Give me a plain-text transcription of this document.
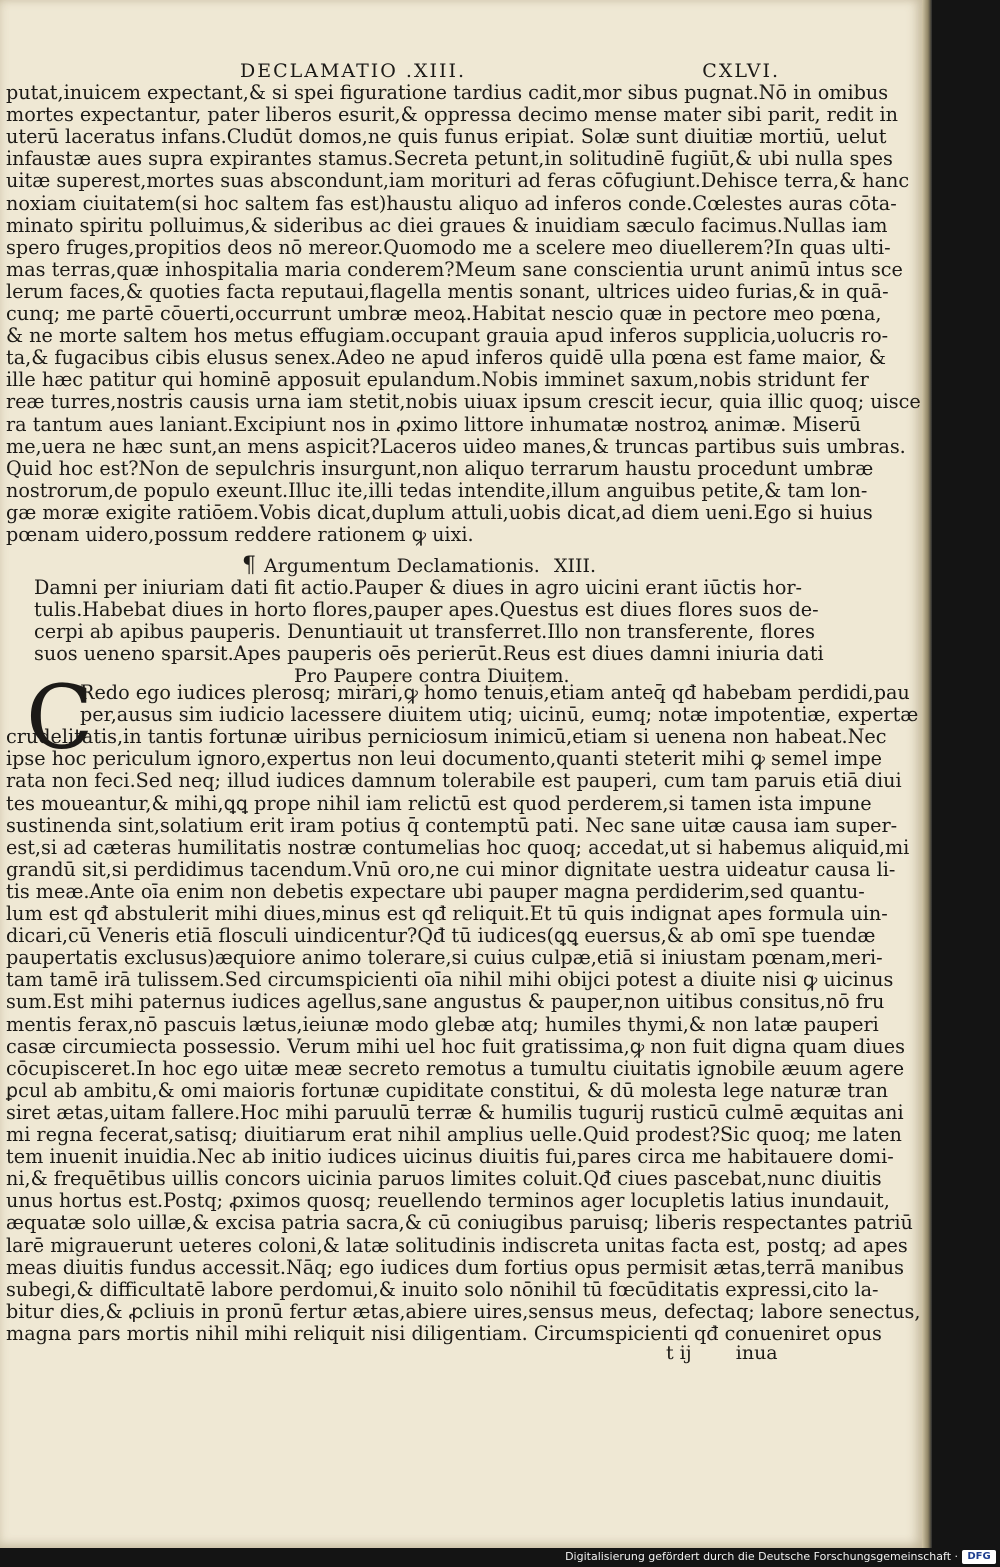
DECLAMATIO .XIII.	CXLVI.
putat,inuicem expectant,& si spei figuratione tardius cadit,mor sibus pugnat.Nō in omibus
mortes expectantur, pater liberos esurit,& oppressa decimo mense mater sibi parit, redit in
uterū laceratus infans.Cludūt domos,ne quis funus eripiat. Solæ sunt diuitiæ mortiū, uelut
infaustæ aues supra expirantes stamus.Secreta petunt,in solitudinē fugiūt,& ubi nulla spes
uitæ superest,mortes suas abscondunt,iam morituri ad feras cōfugiunt.Dehisce terra,& hanc
noxiam ciuitatem(si hoc saltem fas est)haustu aliquo ad inferos conde.Cœlestes auras cōta-
minato spiritu polluimus,& sideribus ac diei graues & inuidiam sæculo facimus.Nullas iam
spero fruges,propitios deos nō mereor.Quomodo me a scelere meo diuellerem?In quas ulti-
mas terras,quæ inhospitalia maria conderem?Meum sane conscientia urunt animū intus sce
lerum faces,& quoties facta reputaui,flagella mentis sonant, ultrices uideo furias,& in quā-
cunq; me partē cōuerti,occurrunt umbræ meoꝝ.Habitat nescio quæ in pectore meo pœna,
& ne morte saltem hos metus effugiam.occupant grauia apud inferos supplicia,uolucris ro-
ta,& fugacibus cibis elusus senex.Adeo ne apud inferos quidē ulla pœna est fame maior, &
ille hæc patitur qui hominē apposuit epulandum.Nobis imminet saxum,nobis stridunt fer
reæ turres,nostris causis urna iam stetit,nobis uiuax ipsum crescit iecur, quia illic quoq; uisce
ra tantum aues laniant.Excipiunt nos in ꝓximo littore inhumatæ nostroꝝ animæ. Miserū
me,uera ne hæc sunt,an mens aspicit?Laceros uideo manes,& truncas partibus suis umbras.
Quid hoc est?Non de sepulchris insurgunt,non aliquo terrarum haustu procedunt umbræ
nostrorum,de populo exeunt.Illuc ite,illi tedas intendite,illum anguibus petite,& tam lon-
gæ moræ exigite ratiōem.Vobis dicat,duplum attuli,uobis dicat,ad diem ueni.Ego si huius
pœnam uidero,possum reddere rationem ꝙ uixi.
¶ Argumentum Declamationis. XIII.
Damni per iniuriam dati fit actio.Pauper & diues in agro uicini erant iūctis hor-
tulis.Habebat diues in horto flores,pauper apes.Questus est diues flores suos de-
cerpi ab apibus pauperis. Denuntiauit ut transferret.Illo non transferente, flores
suos ueneno sparsit.Apes pauperis oēs perierūt.Reus est diues damni iniuria dati
Pro Paupere contra Diuitem.
C
Redo ego iudices plerosq; mirari,ꝙ homo tenuis,etiam anteq̄ qđ habebam perdidi,pau
per,ausus sim iudicio lacessere diuitem utiq; uicinū, eumq; notæ impotentiæ, expertæ
crudelitatis,in tantis fortunæ uiribus perniciosum inimicū,etiam si uenena non habeat.Nec
ipse hoc periculum ignoro,expertus non leui documento,quanti steterit mihi ꝙ semel impe
rata non feci.Sed neq; illud iudices damnum tolerabile est pauperi, cum tam paruis etiā diui
tes moueantur,& mihi,ꝗꝗ prope nihil iam relictū est quod perderem,si tamen ista impune
sustinenda sint,solatium erit iram potius q̄ contemptū pati. Nec sane uitæ causa iam super-
est,si ad cæteras humilitatis nostræ contumelias hoc quoq; accedat,ut si habemus aliquid,mi
grandū sit,si perdidimus tacendum.Vnū oro,ne cui minor dignitate uestra uideatur causa li-
tis meæ.Ante oīa enim non debetis expectare ubi pauper magna perdiderim,sed quantu-
lum est qđ abstulerit mihi diues,minus est qđ reliquit.Et tū quis indignat apes formula uin-
dicari,cū Veneris etiā flosculi uindicentur?Qđ tū iudices(ꝗꝗ euersus,& ab omī spe tuendæ
paupertatis exclusus)æquiore animo tolerare,si cuius culpæ,etiā si iniustam pœnam,meri-
tam tamē irā tulissem.Sed circumspicienti oīa nihil mihi obijci potest a diuite nisi ꝙ uicinus
sum.Est mihi paternus iudices agellus,sane angustus & pauper,non uitibus consitus,nō fru
mentis ferax,nō pascuis lætus,ieiunæ modo glebæ atq; humiles thymi,& non latæ pauperi
casæ circumiecta possessio. Verum mihi uel hoc fuit gratissima,ꝙ non fuit digna quam diues
cōcupisceret.In hoc ego uitæ meæ secreto remotus a tumultu ciuitatis ignobile æuum agere
ꝑcul ab ambitu,& omi maioris fortunæ cupiditate constitui, & dū molesta lege naturæ tran
siret ætas,uitam fallere.Hoc mihi paruulū terræ & humilis tugurij rusticū culmē æquitas ani
mi regna fecerat,satisq; diuitiarum erat nihil amplius uelle.Quid prodest?Sic quoq; me laten
tem inuenit inuidia.Nec ab initio iudices uicinus diuitis fui,pares circa me habitauere domi-
ni,& frequētibus uillis concors uicinia paruos limites coluit.Qđ ciues pascebat,nunc diuitis
unus hortus est.Postq; ꝓximos quosq; reuellendo terminos ager locupletis latius inundauit,
æquatæ solo uillæ,& excisa patria sacra,& cū coniugibus paruisq; liberis respectantes patriū
larē migrauerunt ueteres coloni,& latæ solitudinis indiscreta unitas facta est, postq; ad apes
meas diuitis fundus accessit.Nāq; ego iudices dum fortius opus permisit ætas,terrā manibus
subegi,& difficultatē labore perdomui,& inuito solo nōnihil tū fœcūditatis expressi,cito la-
bitur dies,& ꝓcliuis in pronū fertur ætas,abiere uires,sensus meus, defectaq; labore senectus,
magna pars mortis nihil mihi reliquit nisi diligentiam. Circumspicienti qđ conueniret opus
t ij inua
Digitalisierung gefördert durch die Deutsche Forschungsgemeinschaft · DFG
